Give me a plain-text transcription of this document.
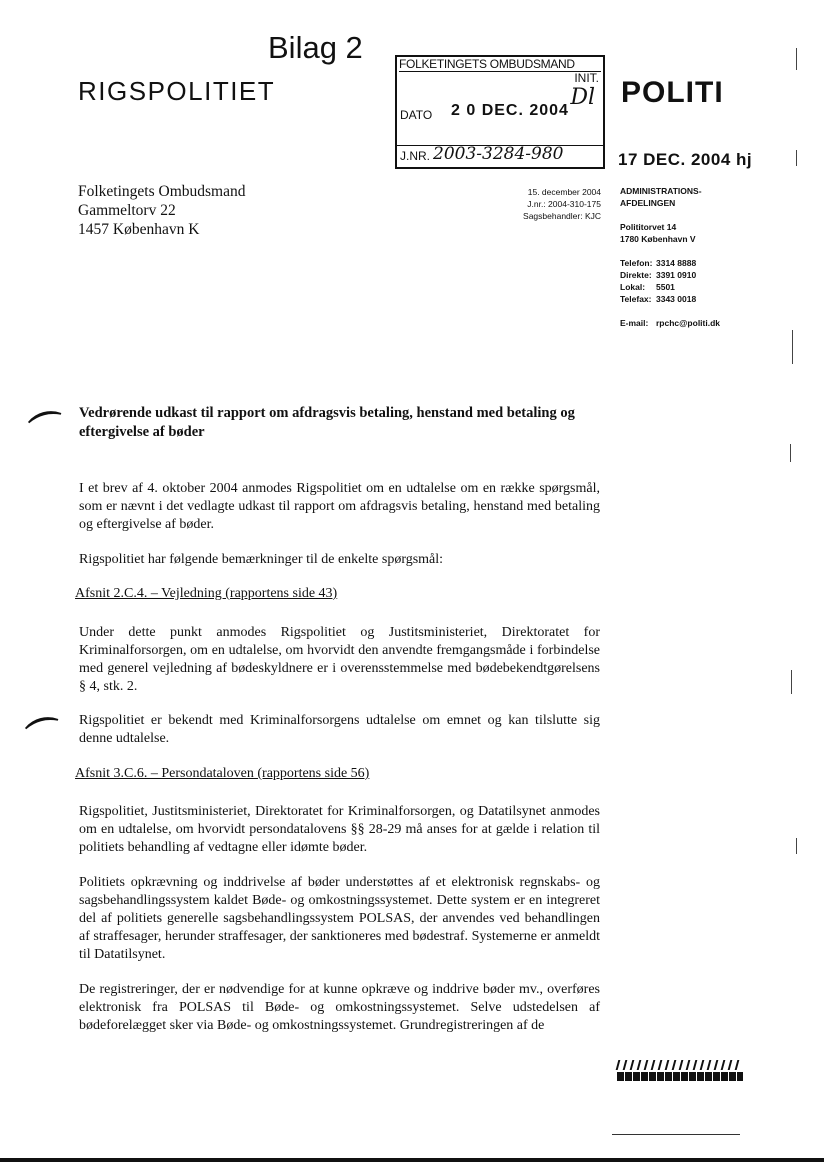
Bilag 2
RIGSPOLITIET
FOLKETINGETS OMBUDSMAND
INIT.
Dl
DATO 2 0 DEC. 2004
J.NR. 2003-3284-980
POLITI
17 DEC. 2004 hj
Folketingets Ombudsmand
Gammeltorv 22
1457 København K
15. december 2004
J.nr.: 2004-310-175
Sagsbehandler: KJC
ADMINISTRATIONS-
AFDELINGEN
Polititorvet 14
1780 København V
Telefon: 3314 8888
Direkte: 3391 0910
Lokal:	5501
Telefax: 3343 0018
E-mail: rpchc@politi.dk
⌒ Vedrørende udkast til rapport om afdragsvis betaling, henstand med betaling og eftergivelse af bøder
I et brev af 4. oktober 2004 anmodes Rigspolitiet om en udtalelse om en række spørgsmål, som er nævnt i det vedlagte udkast til rapport om afdragsvis betaling, henstand med betaling og eftergivelse af bøder.
Rigspolitiet har følgende bemærkninger til de enkelte spørgsmål:
Afsnit 2.C.4. – Vejledning (rapportens side 43)
Under dette punkt anmodes Rigspolitiet og Justitsministeriet, Direktoratet for Kriminalforsorgen, om en udtalelse, om hvorvidt den anvendte fremgangsmåde i forbindelse med generel vejledning af bødeskyldnere er i overensstemmelse med bødebekendtgørelsens § 4, stk. 2.
⌒ Rigspolitiet er bekendt med Kriminalforsorgens udtalelse om emnet og kan tilslutte sig denne udtalelse.
Afsnit 3.C.6. – Persondataloven (rapportens side 56)
Rigspolitiet, Justitsministeriet, Direktoratet for Kriminalforsorgen, og Datatilsynet anmodes om en udtalelse, om hvorvidt persondatalovens §§ 28-29 må anses for at gælde i relation til politiets behandling af vedtagne eller idømte bøder.
Politiets opkrævning og inddrivelse af bøder understøttes af et elektronisk regnskabs- og sagsbehandlingssystem kaldet Bøde- og omkostningssystemet. Dette system er en integreret del af politiets generelle sagsbehandlingssystem POLSAS, der anvendes ved behandlingen af straffesager, herunder straffesager, der sanktioneres med bødestraf. Systemerne er anmeldt til Datatilsynet.
De registreringer, der er nødvendige for at kunne opkræve og inddrive bøder mv., overføres elektronisk fra POLSAS til Bøde- og omkostningssystemet. Selve udstedelsen af bødeforelægget sker via Bøde- og omkostningssystemet. Grundregistreringen af de
